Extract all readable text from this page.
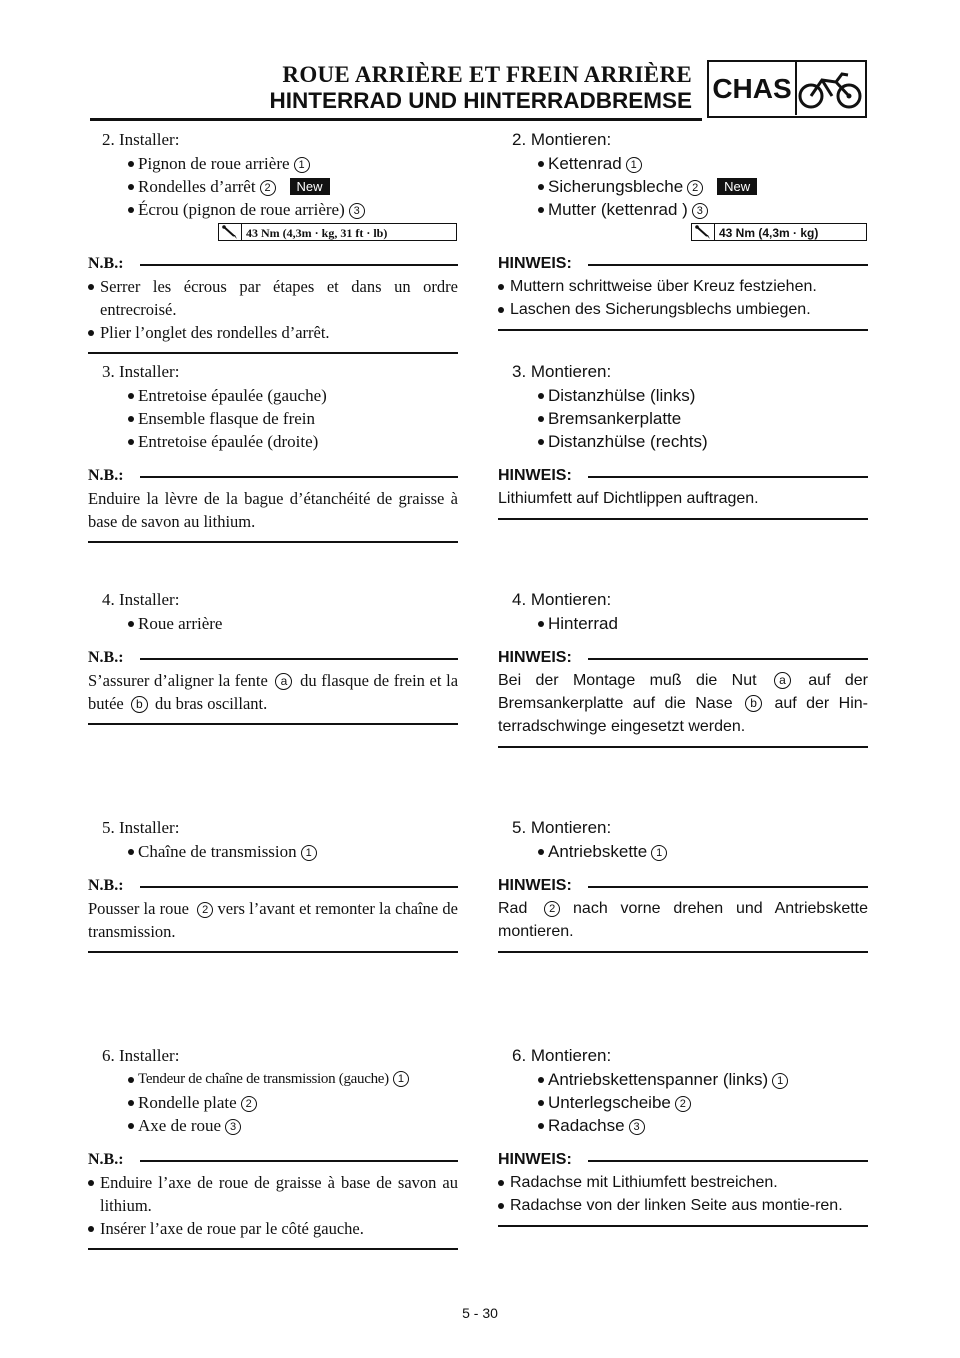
ROUE ARRIÈRE ET FREIN ARRIÈRE
HINTERRAD UND HINTERRADBREMSE CHAS
2. Installer:
Pignon de roue arrière 1
Rondelles d’arrêt 2 New
Écrou (pignon de roue arrière) 3
43 Nm (4,3m · kg, 31 ft · lb)
N.B.:
Serrer les écrous par étapes et dans un ordre entrecroisé.
Plier l’onglet des rondelles d’arrêt.
3. Installer:
Entretoise épaulée (gauche)
Ensemble flasque de frein
Entretoise épaulée (droite)
N.B.:
Enduire la lèvre de la bague d’étanchéité de graisse à base de savon au lithium.
4. Installer:
Roue arrière
N.B.:
S’assurer d’aligner la fente a du flasque de frein et la butée b du bras oscillant.
5. Installer:
Chaîne de transmission 1
N.B.:
Pousser la roue 2 vers l’avant et remonter la chaîne de transmission.
6. Installer:
Tendeur de chaîne de transmission (gauche) 1
Rondelle plate 2
Axe de roue 3
N.B.:
Enduire l’axe de roue de graisse à base de savon au lithium.
Insérer l’axe de roue par le côté gauche.
2. Montieren:
Kettenrad 1
Sicherungsbleche 2 New
Mutter (kettenrad ) 3
43 Nm (4,3m · kg)
HINWEIS:
Muttern schrittweise über Kreuz festziehen.
Laschen des Sicherungsblechs umbiegen.
3. Montieren:
Distanzhülse (links)
Bremsankerplatte
Distanzhülse (rechts)
HINWEIS:
Lithiumfett auf Dichtlippen auftragen.
4. Montieren:
Hinterrad
HINWEIS:
Bei der Montage muß die Nut a auf der Bremsankerplatte auf die Nase b auf der Hin-terradschwinge eingesetzt werden.
5. Montieren:
Antriebskette 1
HINWEIS:
Rad 2 nach vorne drehen und Antriebskette montieren.
6. Montieren:
Antriebskettenspanner (links) 1
Unterlegscheibe 2
Radachse 3
HINWEIS:
Radachse mit Lithiumfett bestreichen.
Radachse von der linken Seite aus montie-ren.
5 - 30
